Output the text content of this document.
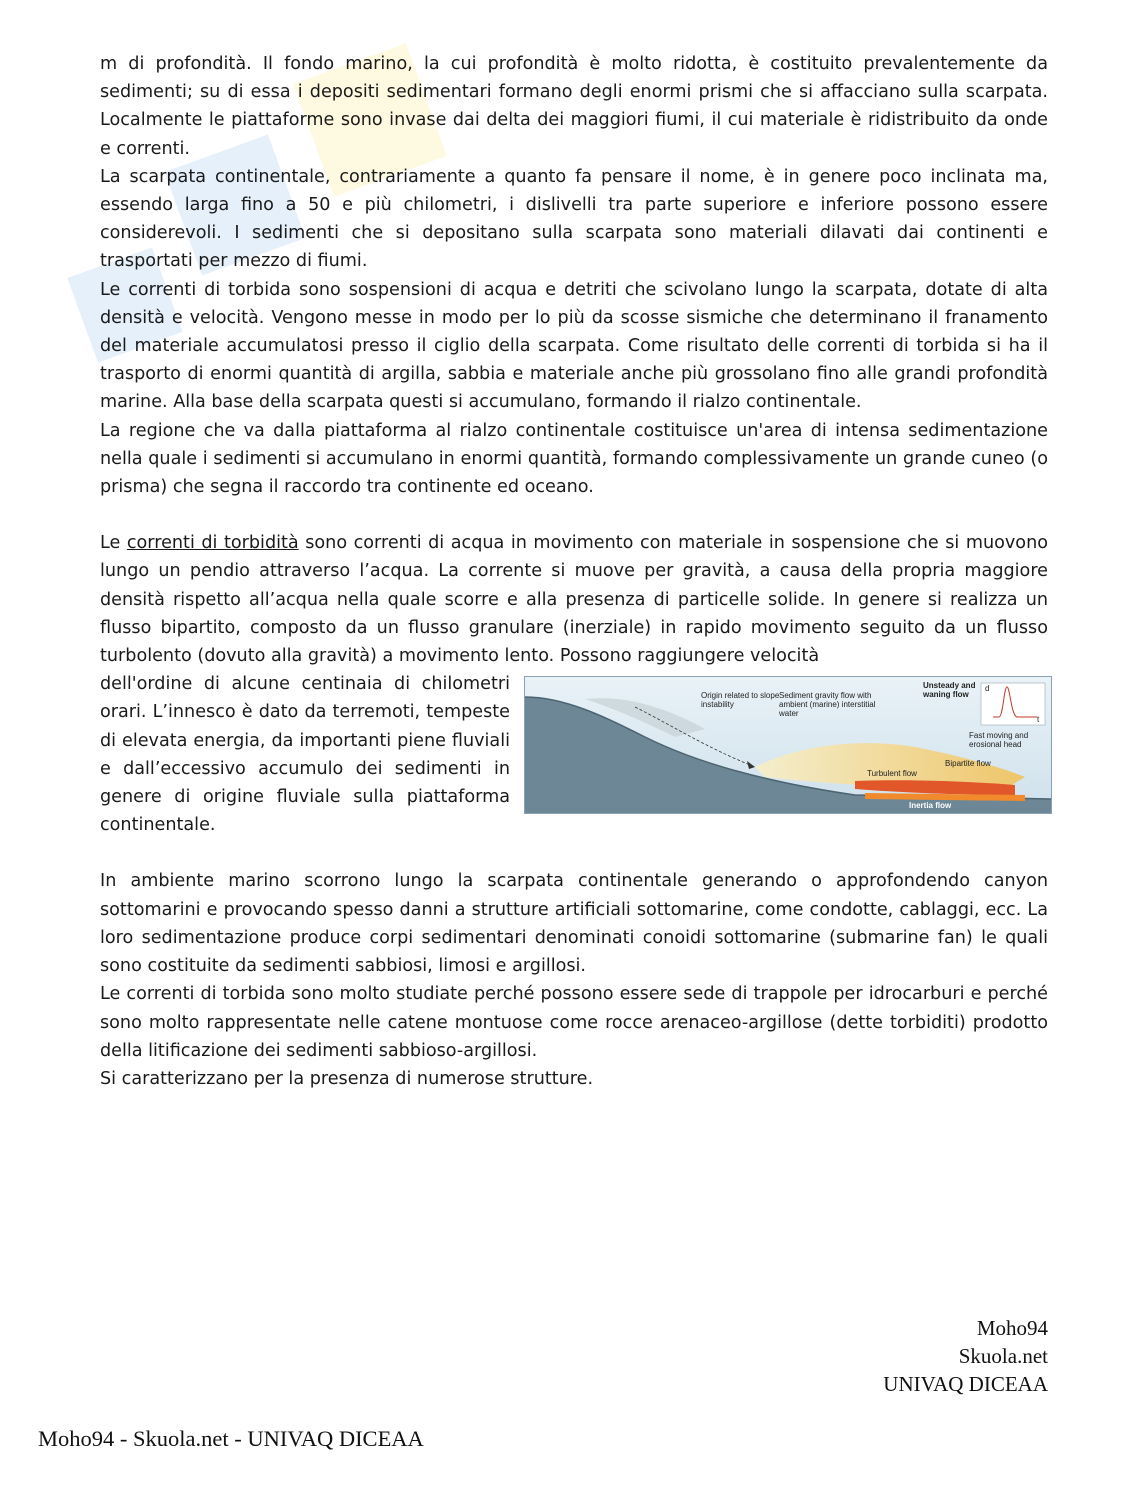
m di profondità. Il fondo marino, la cui profondità è molto ridotta, è costituito prevalentemente da sedimenti; su di essa i depositi sedimentari formano degli enormi prismi che si affacciano sulla scarpata. Localmente le piattaforme sono invase dai delta dei maggiori fiumi, il cui materiale è ridistribuito da onde e correnti.

La scarpata continentale, contrariamente a quanto fa pensare il nome, è in genere poco inclinata ma, essendo larga fino a 50 e più chilometri, i dislivelli tra parte superiore e inferiore possono essere considerevoli. I sedimenti che si depositano sulla scarpata sono materiali dilavati dai continenti e trasportati per mezzo di fiumi.

Le correnti di torbida sono sospensioni di acqua e detriti che scivolano lungo la scarpata, dotate di alta densità e velocità. Vengono messe in modo per lo più da scosse sismiche che determinano il franamento del materiale accumulatosi presso il ciglio della scarpata. Come risultato delle correnti di torbida si ha il trasporto di enormi quantità di argilla, sabbia e materiale anche più grossolano fino alle grandi profondità marine. Alla base della scarpata questi si accumulano, formando il rialzo continentale.

La regione che va dalla piattaforma al rialzo continentale costituisce un'area di intensa sedimentazione nella quale i sedimenti si accumulano in enormi quantità, formando complessivamente un grande cuneo (o prisma) che segna il raccordo tra continente ed oceano.

Le correnti di torbidità sono correnti di acqua in movimento con materiale in sospensione che si muovono lungo un pendio attraverso l’acqua. La corrente si muove per gravità, a causa della propria maggiore densità rispetto all’acqua nella quale scorre e alla presenza di particelle solide. In genere si realizza un flusso bipartito, composto da un flusso granulare (inerziale) in rapido movimento seguito da un flusso turbolento (dovuto alla gravità) a movimento lento. Possono raggiungere velocità

Origin related to slope instability
Sediment gravity flow with ambient (marine) interstitial water
Unsteady and waning flow
d
t
Fast moving and erosional head
Bipartite flow
Turbulent flow
Inertia flow

dell'ordine di alcune centinaia di chilometri orari. L’innesco è dato da terremoti, tempeste di elevata energia, da importanti piene fluviali e dall’eccessivo accumulo dei sedimenti in genere di origine fluviale sulla piattaforma continentale.

In ambiente marino scorrono lungo la scarpata continentale generando o approfondendo canyon sottomarini e provocando spesso danni a strutture artificiali sottomarine, come condotte, cablaggi, ecc. La loro sedimentazione produce corpi sedimentari denominati conoidi sottomarine (submarine fan) le quali sono costituite da sedimenti sabbiosi, limosi e argillosi.

Le correnti di torbida sono molto studiate perché possono essere sede di trappole per idrocarburi e perché sono molto rappresentate nelle catene montuose come rocce arenaceo-argillose (dette torbiditi) prodotto della litificazione dei sedimenti sabbioso-argillosi.

Si caratterizzano per la presenza di numerose strutture.

Moho94
Skuola.net
UNIVAQ DICEAA
Moho94 - Skuola.net - UNIVAQ DICEAA
